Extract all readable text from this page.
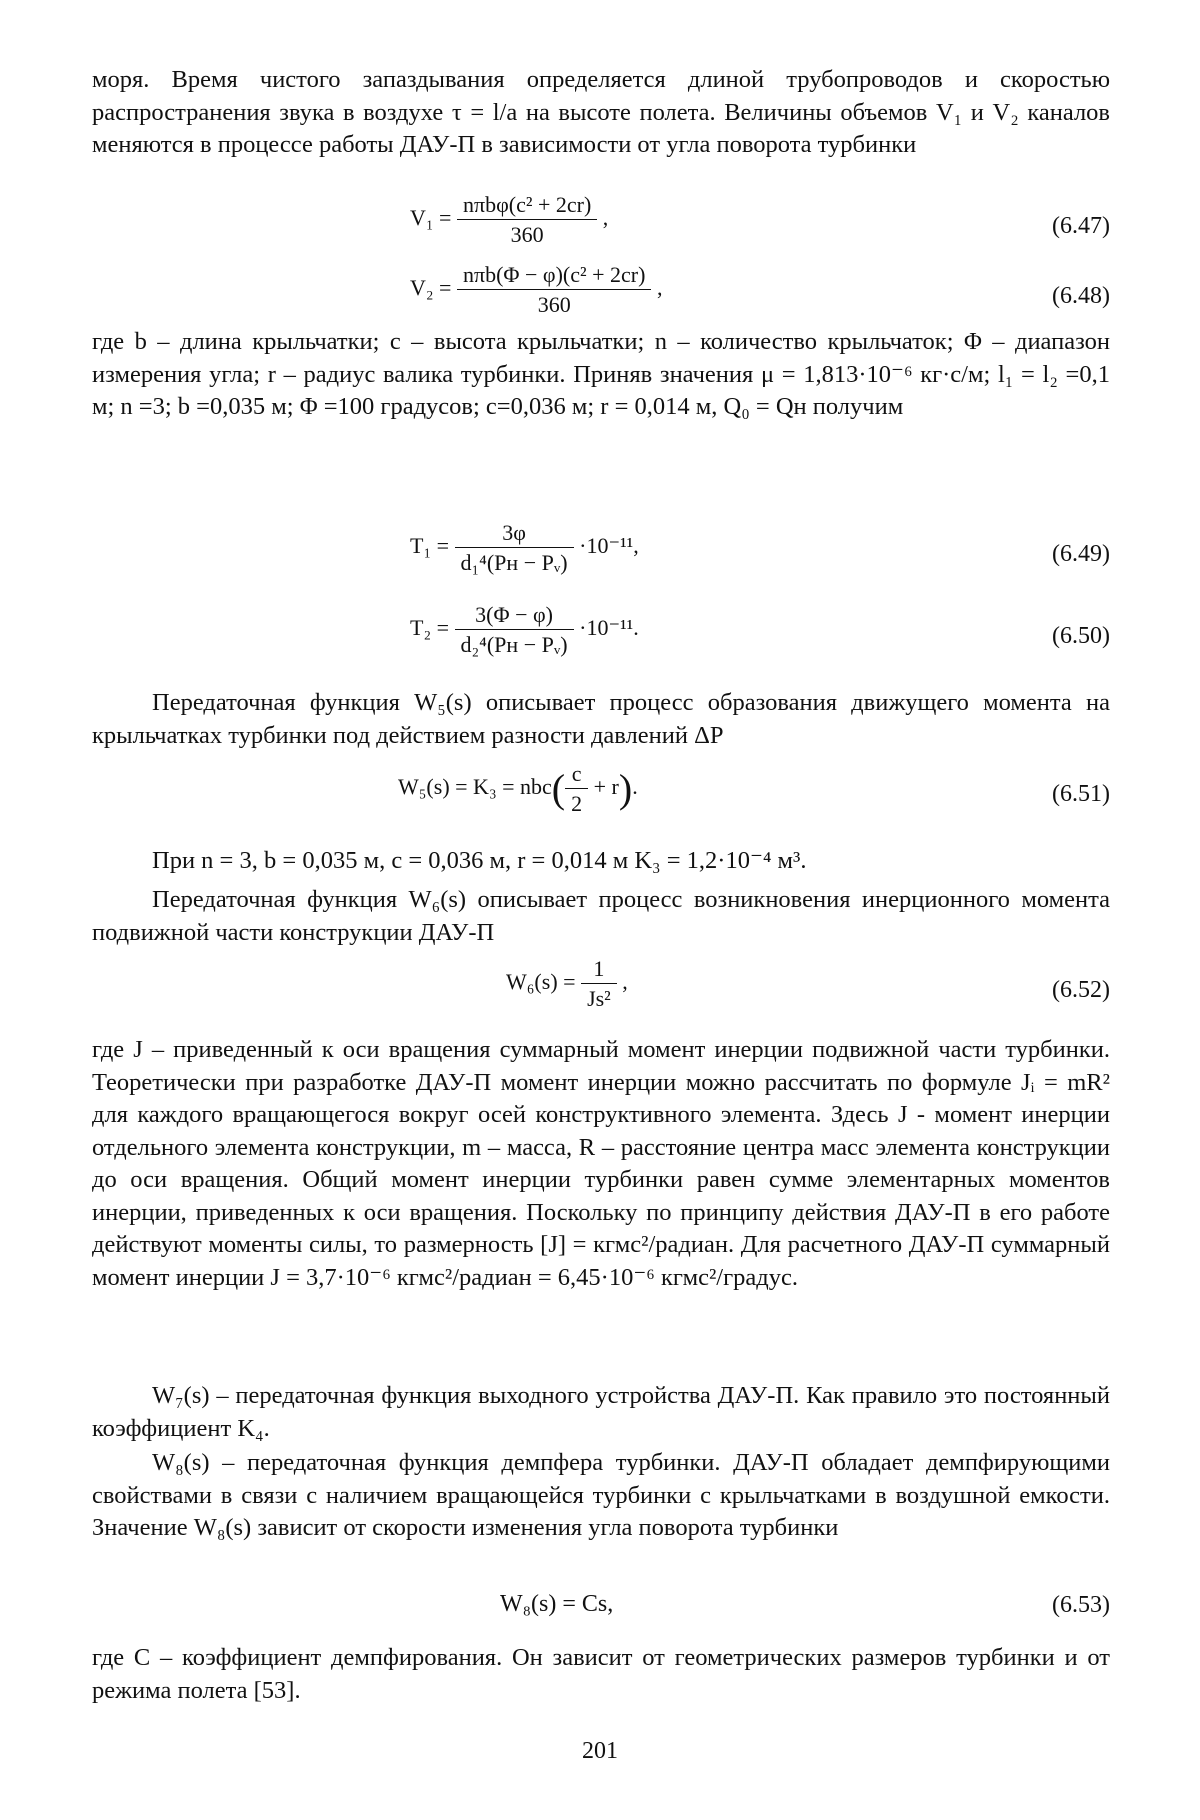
моря. Время чистого запаздывания определяется длиной трубопроводов и скоростью распространения звука в воздухе τ = l/a на высоте полета. Величины объемов V₁ и V₂ каналов меняются в процессе работы ДАУ-П в зависимости от угла поворота турбинки

$V_1 = \frac{\text{nπbφ(c² + 2cr)}}{360}$ ,	(6.47)
$V_2 = \frac{\text{nπb(Φ − φ)(c² + 2cr)}}{360}$ ,	(6.48)

где b – длина крыльчатки; c – высота крыльчатки; n – количество крыльчаток; Φ – диапазон измерения угла; r – радиус валика турбинки. Приняв значения μ = 1,813·10⁻⁶ кг·с/м; l₁ = l₂ =0,1 м; n =3; b =0,035 м; Φ =100 градусов; c=0,036 м; r = 0,014 м, Q₀ = Qн получим

$T_1 = \frac{3\varphi}{\text{d₁⁴(Pн − Pᵥ)}} \cdot 10^{-11}$,	(6.49)
$T_2 = \frac{3(\Phi - \varphi)}{\text{d₂⁴(Pн − Pᵥ)}} \cdot 10^{-11}$.	(6.50)

Передаточная функция W₅(s) описывает процесс образования движущего момента на крыльчатках турбинки под действием разности давлений ΔP

$W_5(s) = K_3 = nbc( \frac{c}{2} + r)$.	(6.51)

При n = 3, b = 0,035 м, c = 0,036 м, r = 0,014 м K₃ = 1,2·10⁻⁴ м³.

Передаточная функция W₆(s) описывает процесс возникновения инерционного момента подвижной части конструкции ДАУ-П

$W_6(s) = \frac{1}{\text{Js²}}$ ,	(6.52)

где J – приведенный к оси вращения суммарный момент инерции подвижной части турбинки. Теоретически при разработке ДАУ-П момент инерции можно рассчитать по формуле Jᵢ = mR² для каждого вращающегося вокруг осей конструктивного элемента. Здесь J - момент инерции отдельного элемента конструкции, m – масса, R – расстояние центра масс элемента конструкции до оси вращения. Общий момент инерции турбинки равен сумме элементарных моментов инерции, приведенных к оси вращения. Поскольку по принципу действия ДАУ-П в его работе действуют моменты силы, то размерность [J] = кгмс²/радиан. Для расчетного ДАУ-П суммарный момент инерции J = 3,7·10⁻⁶ кгмс²/радиан = 6,45·10⁻⁶ кгмс²/градус.

W₇(s) – передаточная функция выходного устройства ДАУ-П. Как правило это постоянный коэффициент K₄.

W₈(s) – передаточная функция демпфера турбинки. ДАУ-П обладает демпфирующими свойствами в связи с наличием вращающейся турбинки с крыльчатками в воздушной емкости. Значение W₈(s) зависит от скорости изменения угла поворота турбинки

W₈(s) = Cs,	(6.53)

где C – коэффициент демпфирования. Он зависит от геометрических размеров турбинки и от режима полета [53].

201
